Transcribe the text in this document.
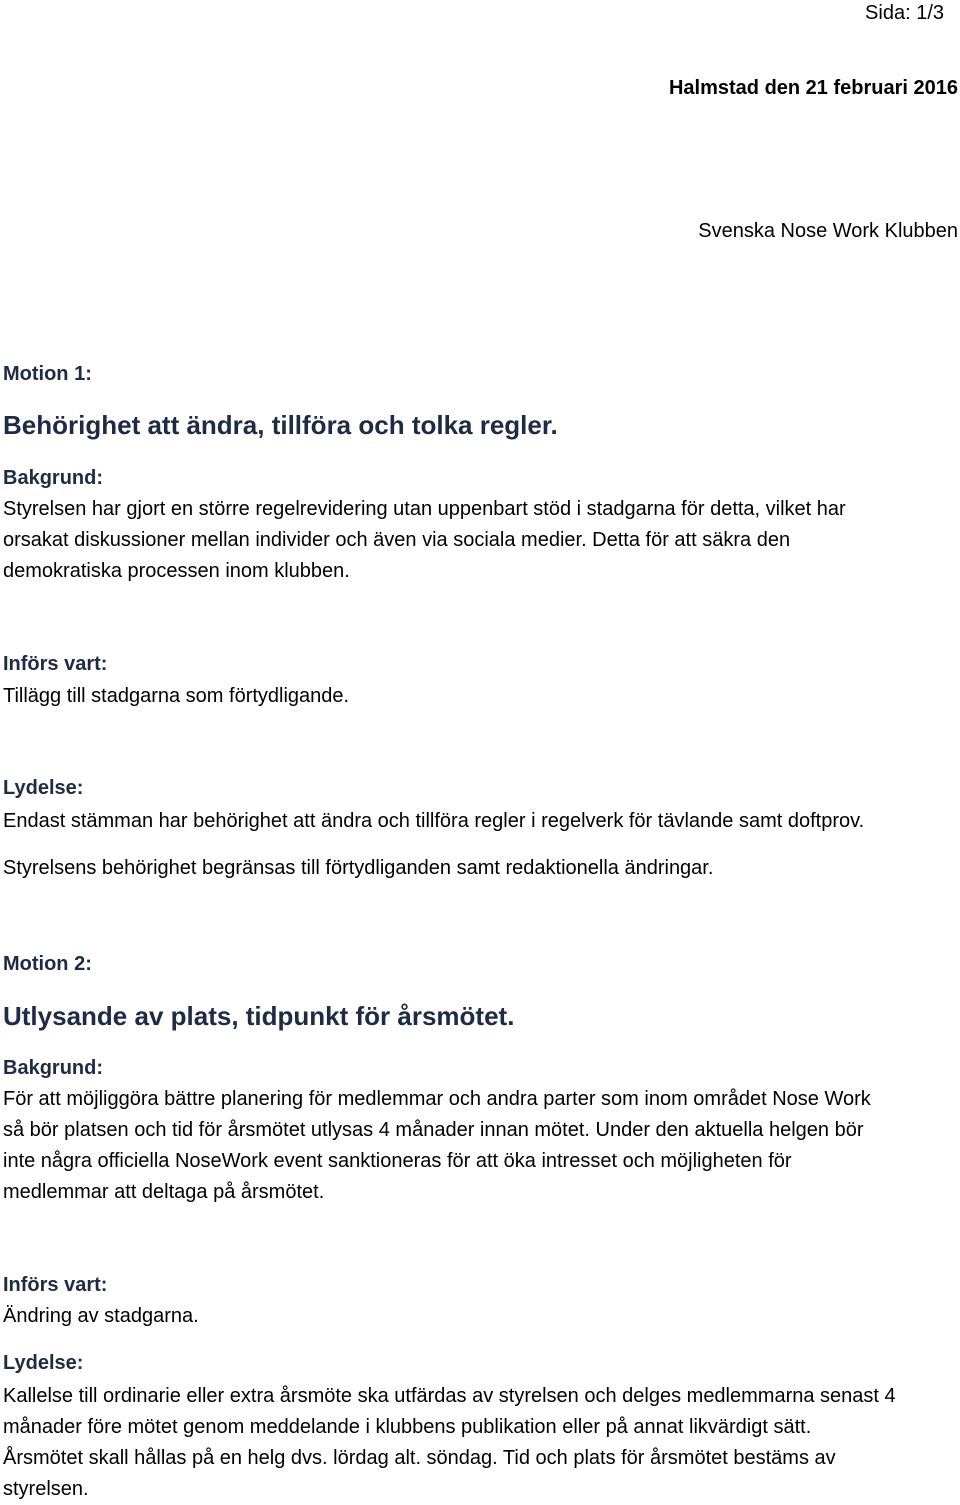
Sida: 1/3
Halmstad den 21 februari 2016
Svenska Nose Work Klubben
Motion 1:
Behörighet att ändra, tillföra och tolka regler.
Bakgrund:
Styrelsen har gjort en större regelrevidering utan uppenbart stöd i stadgarna för detta, vilket har
orsakat diskussioner mellan individer och även via sociala medier. Detta för att säkra den
demokratiska processen inom klubben.
Införs vart:
Tillägg till stadgarna som förtydligande.
Lydelse:
Endast stämman har behörighet att ändra och tillföra regler i regelverk för tävlande samt doftprov.
Styrelsens behörighet begränsas till förtydliganden samt redaktionella ändringar.
Motion 2:
Utlysande av plats, tidpunkt för årsmötet.
Bakgrund:
För att möjliggöra bättre planering för medlemmar och andra parter som inom området Nose Work
så bör platsen och tid för årsmötet utlysas 4 månader innan mötet. Under den aktuella helgen bör
inte några officiella NoseWork event sanktioneras för att öka intresset och möjligheten för
medlemmar att deltaga på årsmötet.
Införs vart:
Ändring av stadgarna.
Lydelse:
Kallelse till ordinarie eller extra årsmöte ska utfärdas av styrelsen och delges medlemmarna senast 4
månader före mötet genom meddelande i klubbens publikation eller på annat likvärdigt sätt.
Årsmötet skall hållas på en helg dvs. lördag alt. söndag. Tid och plats för årsmötet bestäms av
styrelsen.
